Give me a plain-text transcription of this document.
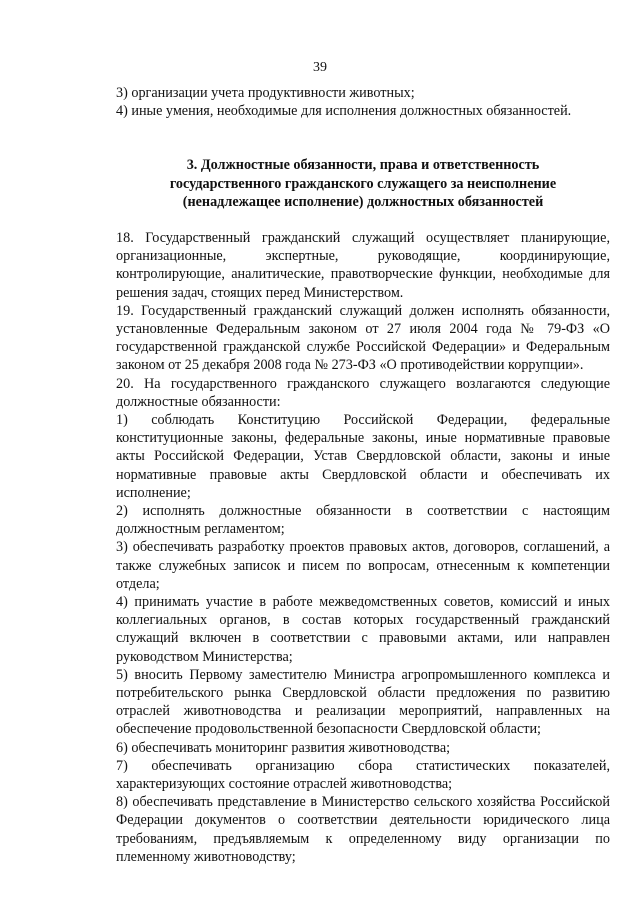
39

3) организации учета продуктивности животных;

4) иные умения, необходимые для исполнения должностных обязанностей.

3. Должностные обязанности, права и ответственность
государственного гражданского служащего за неисполнение
(ненадлежащее исполнение) должностных обязанностей

18. Государственный гражданский служащий осуществляет планирующие, организационные, экспертные, руководящие, координирующие, контролирующие, аналитические, правотворческие функции, необходимые для решения задач, стоящих перед Министерством.

19. Государственный гражданский служащий должен исполнять обязанности, установленные Федеральным законом от 27 июля 2004 года № 79-ФЗ «О государственной гражданской службе Российской Федерации» и Федеральным законом от 25 декабря 2008 года № 273-ФЗ «О противодействии коррупции».

20. На государственного гражданского служащего возлагаются следующие должностные обязанности:

1) соблюдать Конституцию Российской Федерации, федеральные конституционные законы, федеральные законы, иные нормативные правовые акты Российской Федерации, Устав Свердловской области, законы и иные нормативные правовые акты Свердловской области и обеспечивать их исполнение;

2) исполнять должностные обязанности в соответствии с настоящим должностным регламентом;

3) обеспечивать разработку проектов правовых актов, договоров, соглашений, а также служебных записок и писем по вопросам, отнесенным к компетенции отдела;

4) принимать участие в работе межведомственных советов, комиссий и иных коллегиальных органов, в состав которых государственный гражданский служащий включен в соответствии с правовыми актами, или направлен руководством Министерства;

5) вносить Первому заместителю Министра агропромышленного комплекса и потребительского рынка Свердловской области предложения по развитию отраслей животноводства и реализации мероприятий, направленных на обеспечение продовольственной безопасности Свердловской области;

6) обеспечивать мониторинг развития животноводства;

7) обеспечивать организацию сбора статистических показателей, характеризующих состояние отраслей животноводства;

8) обеспечивать представление в Министерство сельского хозяйства Российской Федерации документов о соответствии деятельности юридического лица требованиям, предъявляемым к определенному виду организации по племенному животноводству;
